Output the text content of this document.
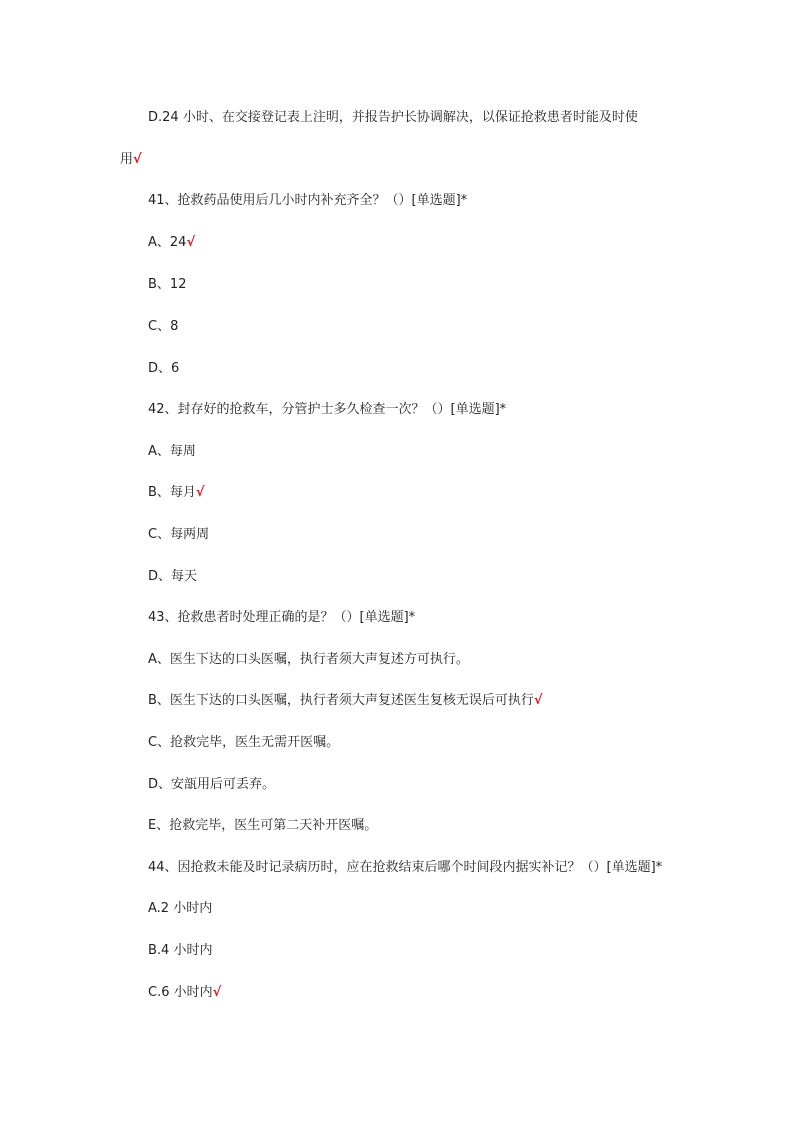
D.24 小时、在交接登记表上注明，并报告护长协调解决，以保证抢救患者时能及时使
用√
41、抢救药品使用后几小时内补充齐全？（）[单选题]*
A、24√
B、12
C、8
D、6
42、封存好的抢救车，分管护士多久检查一次？（）[单选题]*
A、每周
B、每月√
C、每两周
D、每天
43、抢救患者时处理正确的是？（）[单选题]*
A、医生下达的口头医嘱，执行者须大声复述方可执行。
B、医生下达的口头医嘱，执行者须大声复述医生复核无误后可执行√
C、抢救完毕，医生无需开医嘱。
D、安瓿用后可丢弃。
E、抢救完毕，医生可第二天补开医嘱。
44、因抢救未能及时记录病历时，应在抢救结束后哪个时间段内据实补记？（）[单选题]*
A.2 小时内
B.4 小时内
C.6 小时内√
